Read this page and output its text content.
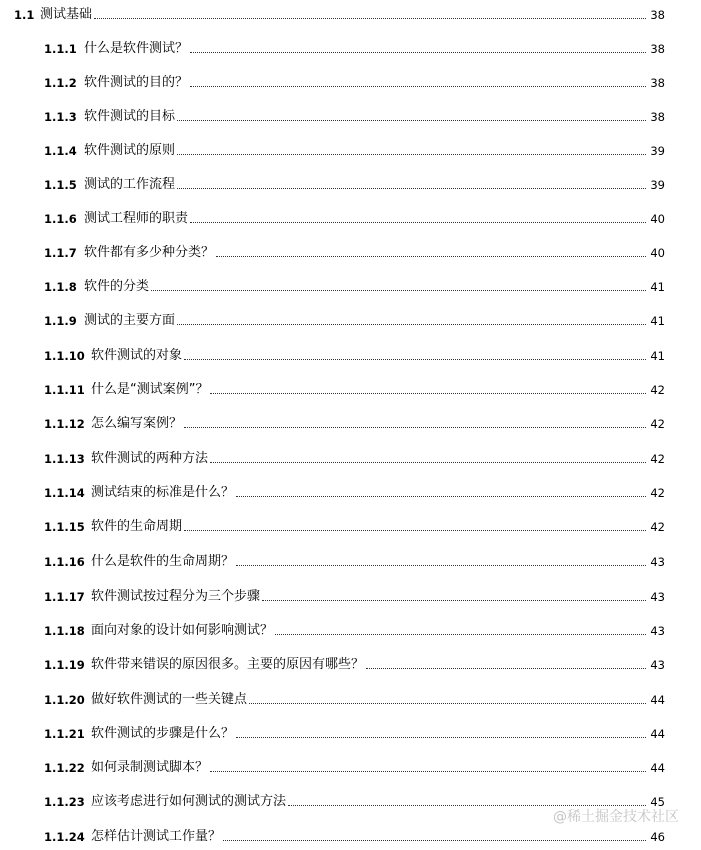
1.1 测试基础	38
1.1.1 什么是软件测试？	38
1.1.2 软件测试的目的？	38
1.1.3 软件测试的目标	38
1.1.4 软件测试的原则	39
1.1.5 测试的工作流程	39
1.1.6 测试工程师的职责	40
1.1.7 软件都有多少种分类？	40
1.1.8 软件的分类	41
1.1.9 测试的主要方面	41
1.1.10 软件测试的对象	41
1.1.11 什么是“测试案例”？	42
1.1.12 怎么编写案例？	42
1.1.13 软件测试的两种方法	42
1.1.14 测试结束的标准是什么？	42
1.1.15 软件的生命周期	42
1.1.16 什么是软件的生命周期？	43
1.1.17 软件测试按过程分为三个步骤	43
1.1.18 面向对象的设计如何影响测试？	43
1.1.19 软件带来错误的原因很多。主要的原因有哪些？	43
1.1.20 做好软件测试的一些关键点	44
1.1.21 软件测试的步骤是什么？	44
1.1.22 如何录制测试脚本？	44
1.1.23 应该考虑进行如何测试的测试方法	45
1.1.24 怎样估计测试工作量？	46
@稀土掘金技术社区
